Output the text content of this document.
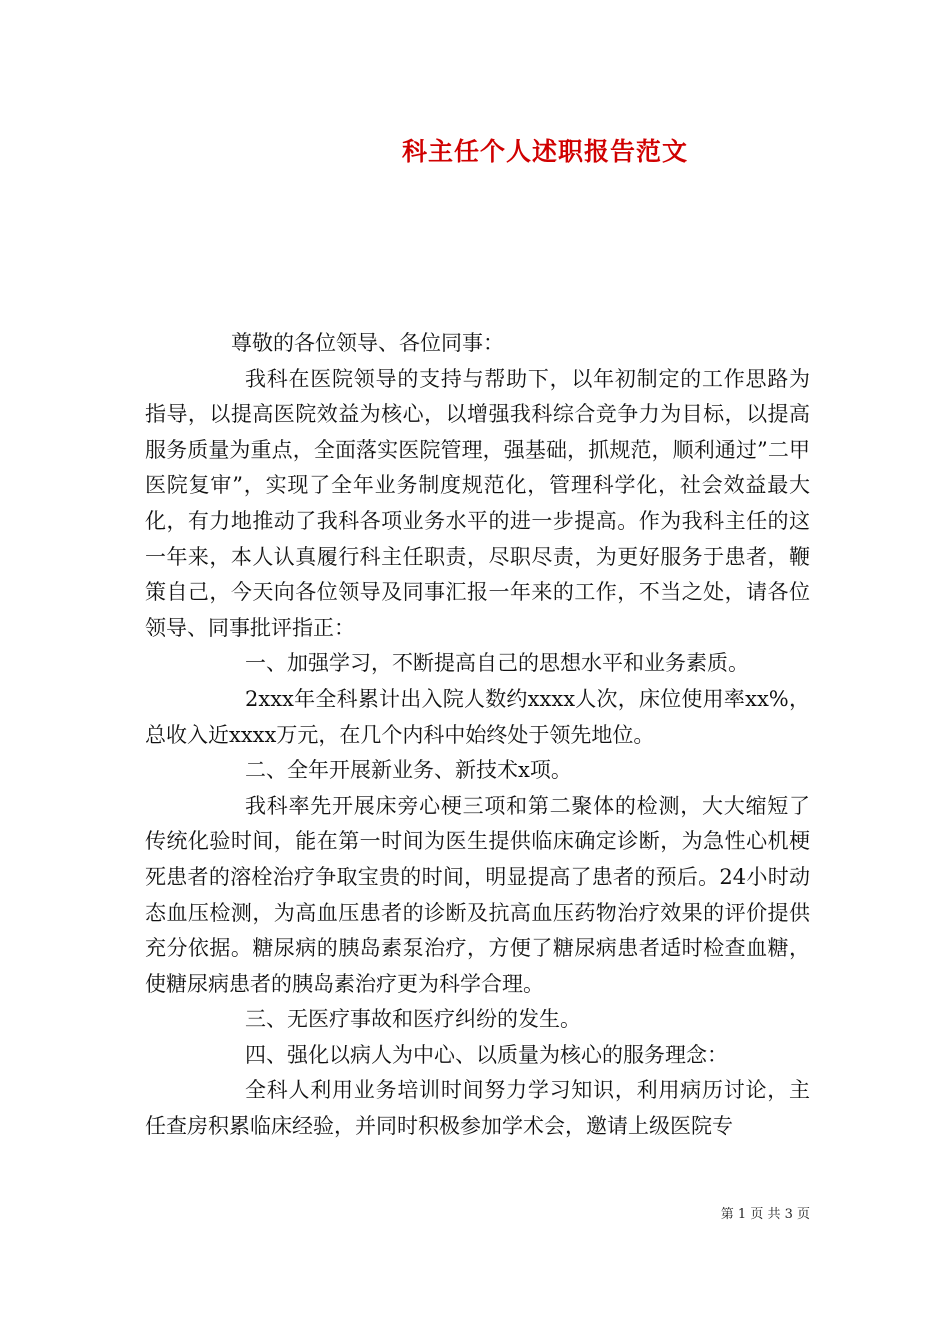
科主任个人述职报告范文

尊敬的各位领导、各位同事：

我科在医院领导的支持与帮助下，以年初制定的工作思路为指导，以提高医院效益为核心，以增强我科综合竞争力为目标，以提高服务质量为重点，全面落实医院管理，强基础，抓规范，顺利通过”二甲医院复审”，实现了全年业务制度规范化，管理科学化，社会效益最大化，有力地推动了我科各项业务水平的进一步提高。作为我科主任的这一年来，本人认真履行科主任职责，尽职尽责，为更好服务于患者，鞭策自己，今天向各位领导及同事汇报一年来的工作，不当之处，请各位领导、同事批评指正：

一、加强学习，不断提高自己的思想水平和业务素质。

2xxx年全科累计出入院人数约xxxx人次，床位使用率xx%，总收入近xxxx万元，在几个内科中始终处于领先地位。

二、全年开展新业务、新技术x项。

我科率先开展床旁心梗三项和第二聚体的检测，大大缩短了传统化验时间，能在第一时间为医生提供临床确定诊断，为急性心机梗死患者的溶栓治疗争取宝贵的时间，明显提高了患者的预后。24小时动态血压检测，为高血压患者的诊断及抗高血压药物治疗效果的评价提供充分依据。糖尿病的胰岛素泵治疗，方便了糖尿病患者适时检查血糖，使糖尿病患者的胰岛素治疗更为科学合理。

三、无医疗事故和医疗纠纷的发生。

四、强化以病人为中心、以质量为核心的服务理念：

全科人利用业务培训时间努力学习知识，利用病历讨论，主任查房积累临床经验，并同时积极参加学术会，邀请上级医院专

第 1 页 共 3 页
